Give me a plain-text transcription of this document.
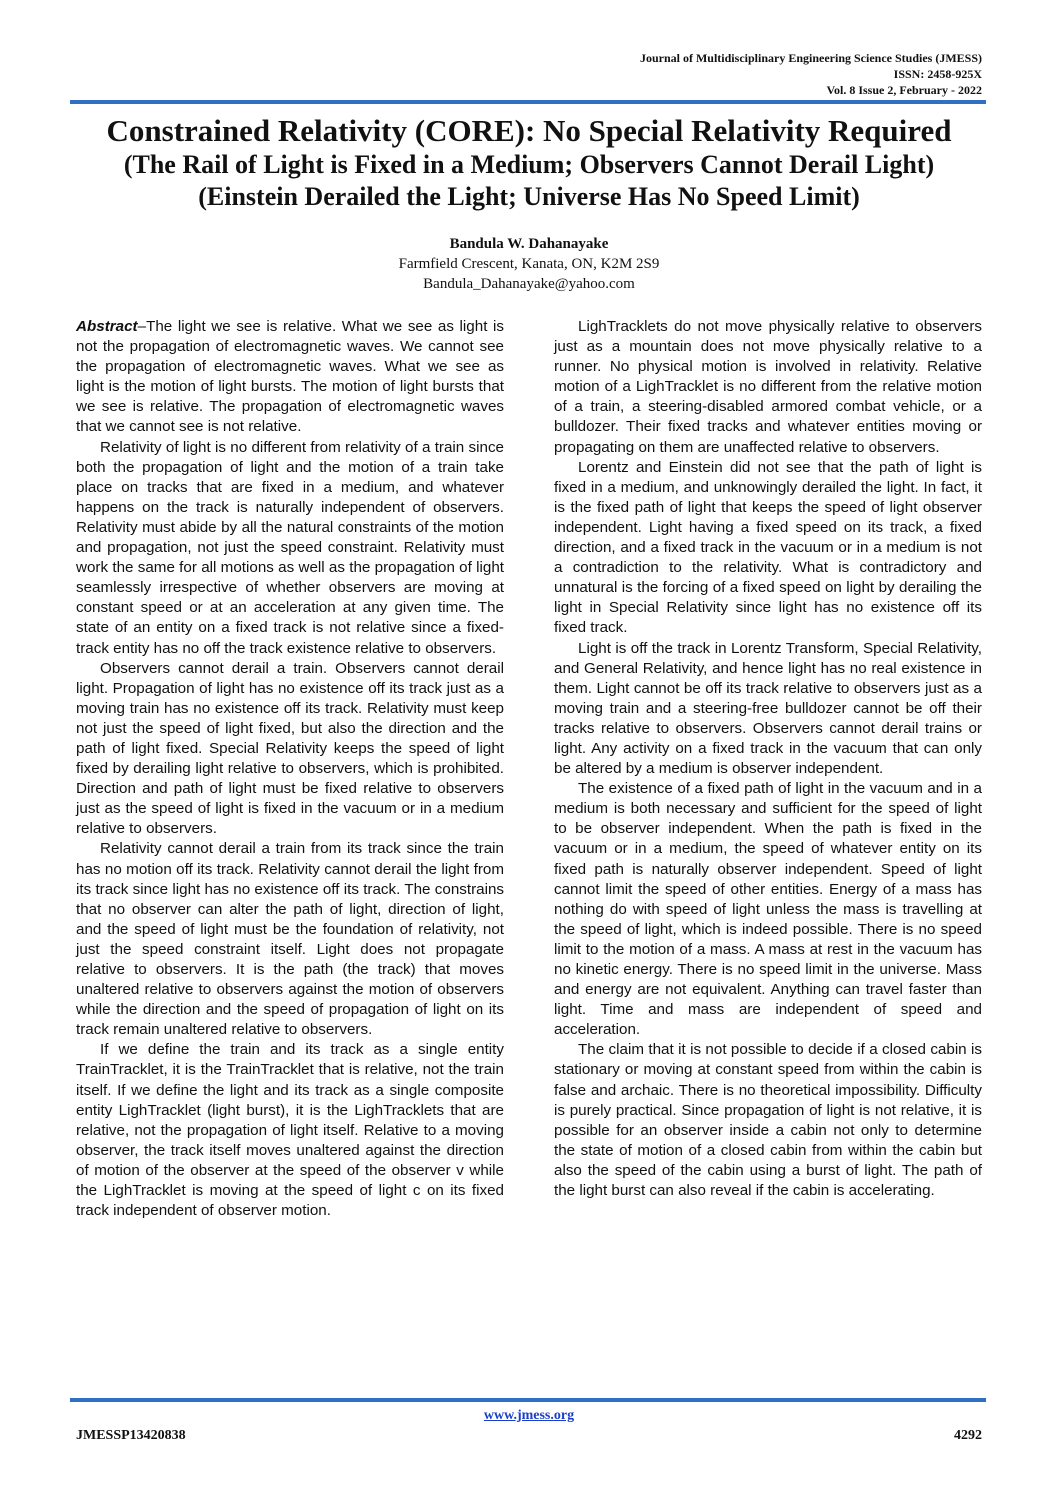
Journal of Multidisciplinary Engineering Science Studies (JMESS)
ISSN: 2458-925X
Vol. 8 Issue 2, February - 2022
Constrained Relativity (CORE): No Special Relativity Required
(The Rail of Light is Fixed in a Medium; Observers Cannot Derail Light)
(Einstein Derailed the Light; Universe Has No Speed Limit)
Bandula W. Dahanayake
Farmfield Crescent, Kanata, ON, K2M 2S9
Bandula_Dahanayake@yahoo.com

Abstract–The light we see is relative. What we see as light is not the propagation of electromagnetic waves. We cannot see the propagation of electromagnetic waves. What we see as light is the motion of light bursts. The motion of light bursts that we see is relative. The propagation of electromagnetic waves that we cannot see is not relative.

Relativity of light is no different from relativity of a train since both the propagation of light and the motion of a train take place on tracks that are fixed in a medium, and whatever happens on the track is naturally independent of observers. Relativity must abide by all the natural constraints of the motion and propagation, not just the speed constraint. Relativity must work the same for all motions as well as the propagation of light seamlessly irrespective of whether observers are moving at constant speed or at an acceleration at any given time. The state of an entity on a fixed track is not relative since a fixed-track entity has no off the track existence relative to observers.

Observers cannot derail a train. Observers cannot derail light. Propagation of light has no existence off its track just as a moving train has no existence off its track. Relativity must keep not just the speed of light fixed, but also the direction and the path of light fixed. Special Relativity keeps the speed of light fixed by derailing light relative to observers, which is prohibited. Direction and path of light must be fixed relative to observers just as the speed of light is fixed in the vacuum or in a medium relative to observers.

Relativity cannot derail a train from its track since the train has no motion off its track. Relativity cannot derail the light from its track since light has no existence off its track. The constrains that no observer can alter the path of light, direction of light, and the speed of light must be the foundation of relativity, not just the speed constraint itself. Light does not propagate relative to observers. It is the path (the track) that moves unaltered relative to observers against the motion of observers while the direction and the speed of propagation of light on its track remain unaltered relative to observers.

If we define the train and its track as a single entity TrainTracklet, it is the TrainTracklet that is relative, not the train itself. If we define the light and its track as a single composite entity LighTracklet (light burst), it is the LighTracklets that are relative, not the propagation of light itself. Relative to a moving observer, the track itself moves unaltered against the direction of motion of the observer at the speed of the observer v while the LighTracklet is moving at the speed of light c on its fixed track independent of observer motion.

LighTracklets do not move physically relative to observers just as a mountain does not move physically relative to a runner. No physical motion is involved in relativity. Relative motion of a LighTracklet is no different from the relative motion of a train, a steering-disabled armored combat vehicle, or a bulldozer. Their fixed tracks and whatever entities moving or propagating on them are unaffected relative to observers.

Lorentz and Einstein did not see that the path of light is fixed in a medium, and unknowingly derailed the light. In fact, it is the fixed path of light that keeps the speed of light observer independent. Light having a fixed speed on its track, a fixed direction, and a fixed track in the vacuum or in a medium is not a contradiction to the relativity. What is contradictory and unnatural is the forcing of a fixed speed on light by derailing the light in Special Relativity since light has no existence off its fixed track.

Light is off the track in Lorentz Transform, Special Relativity, and General Relativity, and hence light has no real existence in them. Light cannot be off its track relative to observers just as a moving train and a steering-free bulldozer cannot be off their tracks relative to observers. Observers cannot derail trains or light. Any activity on a fixed track in the vacuum that can only be altered by a medium is observer independent.

The existence of a fixed path of light in the vacuum and in a medium is both necessary and sufficient for the speed of light to be observer independent. When the path is fixed in the vacuum or in a medium, the speed of whatever entity on its fixed path is naturally observer independent. Speed of light cannot limit the speed of other entities. Energy of a mass has nothing do with speed of light unless the mass is travelling at the speed of light, which is indeed possible. There is no speed limit to the motion of a mass. A mass at rest in the vacuum has no kinetic energy. There is no speed limit in the universe. Mass and energy are not equivalent. Anything can travel faster than light. Time and mass are independent of speed and acceleration.

The claim that it is not possible to decide if a closed cabin is stationary or moving at constant speed from within the cabin is false and archaic. There is no theoretical impossibility. Difficulty is purely practical. Since propagation of light is not relative, it is possible for an observer inside a cabin not only to determine the state of motion of a closed cabin from within the cabin but also the speed of the cabin using a burst of light. The path of the light burst can also reveal if the cabin is accelerating.

www.jmess.org
JMESSP13420838	4292
